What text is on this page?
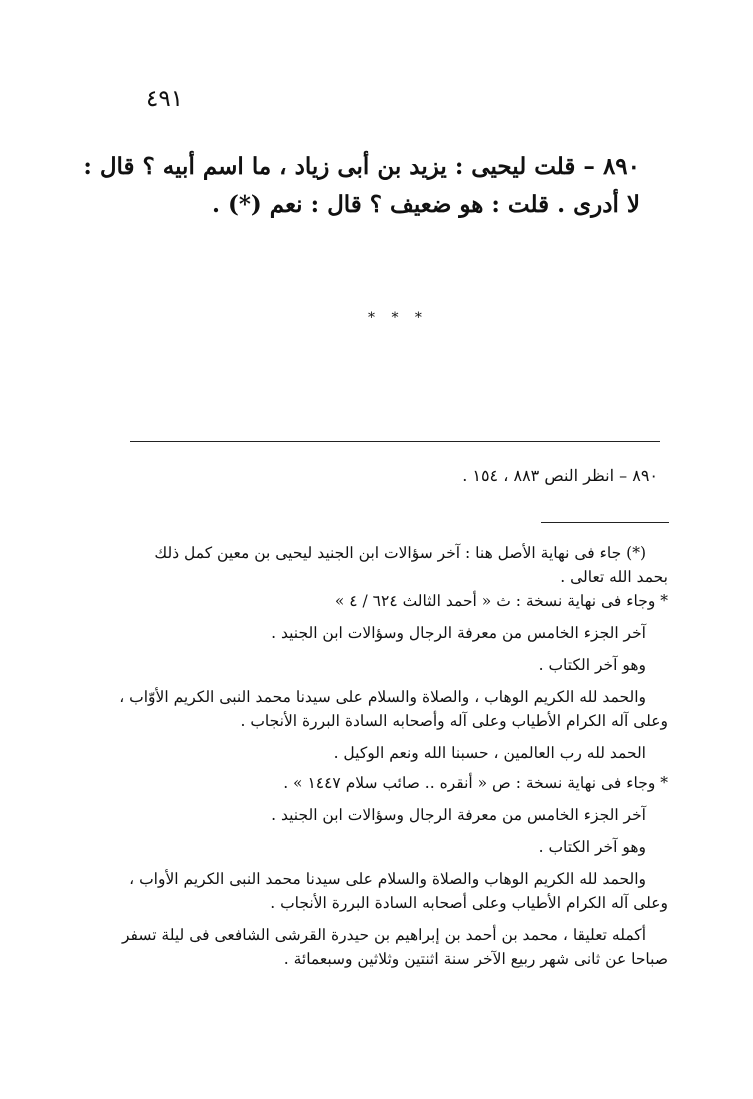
٤٩١
٨٩٠ – قلت ليحيى : يزيد بن أبى زياد ، ما اسم أبيه ؟ قال :
لا أدرى . قلت : هو ضعيف ؟ قال : نعم (*) .
* * *
٨٩٠ – انظر النص ٨٨٣ ، ١٥٤ .
(*) جاء فى نهاية الأصل هنا : آخر سؤالات ابن الجنيد ليحيى بن معين كمل ذلك
بحمد الله تعالى .
* وجاء فى نهاية نسخة : ث « أحمد الثالث ٦٢٤ / ٤ »
آخر الجزء الخامس من معرفة الرجال وسؤالات ابن الجنيد .
وهو آخر الكتاب .
والحمد لله الكريم الوهاب ، والصلاة والسلام على سيدنا محمد النبى الكريم الأوّاب ،
وعلى آله الكرام الأطياب وعلى آله وأصحابه السادة البررة الأنجاب .
الحمد لله رب العالمين ، حسبنا الله ونعم الوكيل .
* وجاء فى نهاية نسخة : ص « أنقره .. صائب سلام ١٤٤٧ » .
آخر الجزء الخامس من معرفة الرجال وسؤالات ابن الجنيد .
وهو آخر الكتاب .
والحمد لله الكريم الوهاب والصلاة والسلام على سيدنا محمد النبى الكريم الأواب ،
وعلى آله الكرام الأطياب وعلى أصحابه السادة البررة الأنجاب .
أكمله تعليقا ، محمد بن أحمد بن إبراهيم بن حيدرة القرشى الشافعى فى ليلة تسفر
صباحا عن ثانى شهر ربيع الآخر سنة اثنتين وثلاثين وسبعمائة .
